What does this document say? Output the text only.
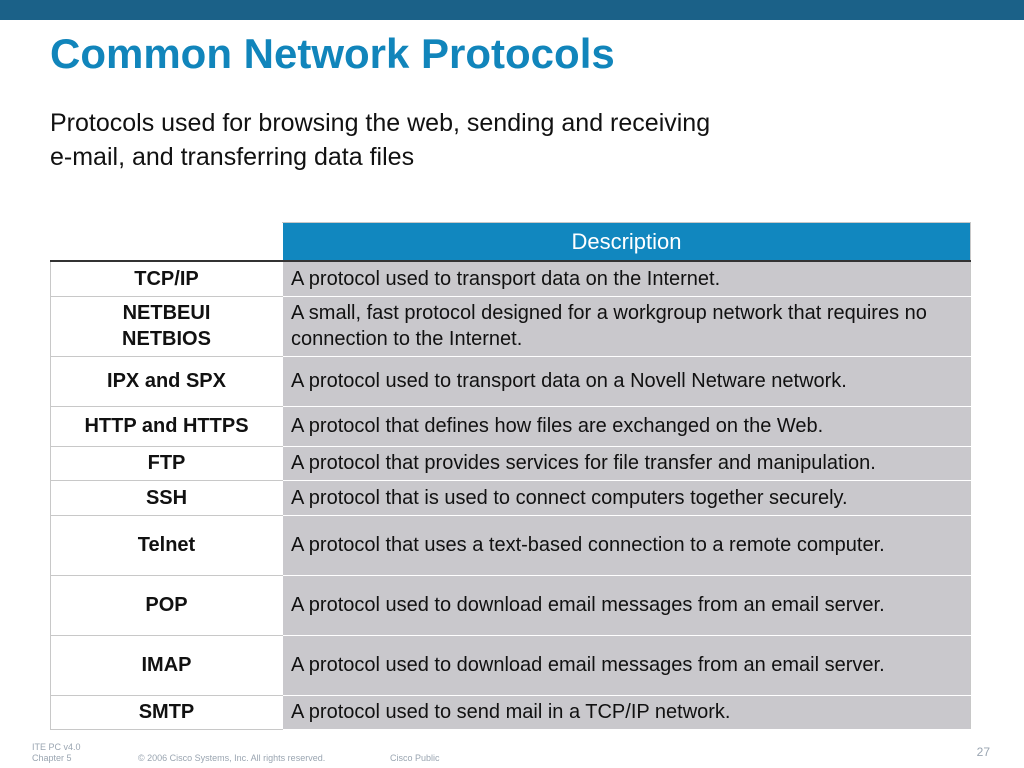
Common Network Protocols
Protocols used for browsing the web, sending and receiving
e-mail, and transferring data files
	Description

TCP/IP	A protocol used to transport data on the Internet.

NETBEUI
NETBIOS	A small, fast protocol designed for a workgroup network that requires no connection to the Internet.

IPX and SPX	A protocol used to transport data on a Novell Netware network.

HTTP and HTTPS	A protocol that defines how files are exchanged on the Web.

FTP	A protocol that provides services for file transfer and manipulation.

SSH	A protocol that is used to connect computers together securely.

Telnet	A protocol that uses a text-based connection to a remote computer.

POP	A protocol used to download email messages from an email server.

IMAP	A protocol used to download email messages from an email server.

SMTP	A protocol used to send mail in a TCP/IP network.
ITE PC v4.0
Chapter 5	© 2006 Cisco Systems, Inc. All rights reserved.	Cisco Public	27
